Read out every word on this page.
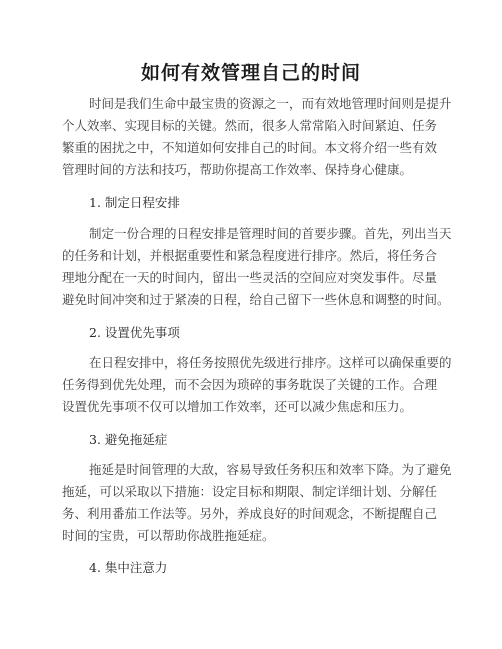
如何有效管理自己的时间
时间是我们生命中最宝贵的资源之一，而有效地管理时间则是提升
个人效率、实现目标的关键。然而，很多人常常陷入时间紧迫、任务
繁重的困扰之中，不知道如何安排自己的时间。本文将介绍一些有效
管理时间的方法和技巧，帮助你提高工作效率、保持身心健康。
1. 制定日程安排
制定一份合理的日程安排是管理时间的首要步骤。首先，列出当天
的任务和计划，并根据重要性和紧急程度进行排序。然后，将任务合
理地分配在一天的时间内，留出一些灵活的空间应对突发事件。尽量
避免时间冲突和过于紧凑的日程，给自己留下一些休息和调整的时间。
2. 设置优先事项
在日程安排中，将任务按照优先级进行排序。这样可以确保重要的
任务得到优先处理，而不会因为琐碎的事务耽误了关键的工作。合理
设置优先事项不仅可以增加工作效率，还可以减少焦虑和压力。
3. 避免拖延症
拖延是时间管理的大敌，容易导致任务积压和效率下降。为了避免
拖延，可以采取以下措施：设定目标和期限、制定详细计划、分解任
务、利用番茄工作法等。另外，养成良好的时间观念，不断提醒自己
时间的宝贵，可以帮助你战胜拖延症。
4. 集中注意力
